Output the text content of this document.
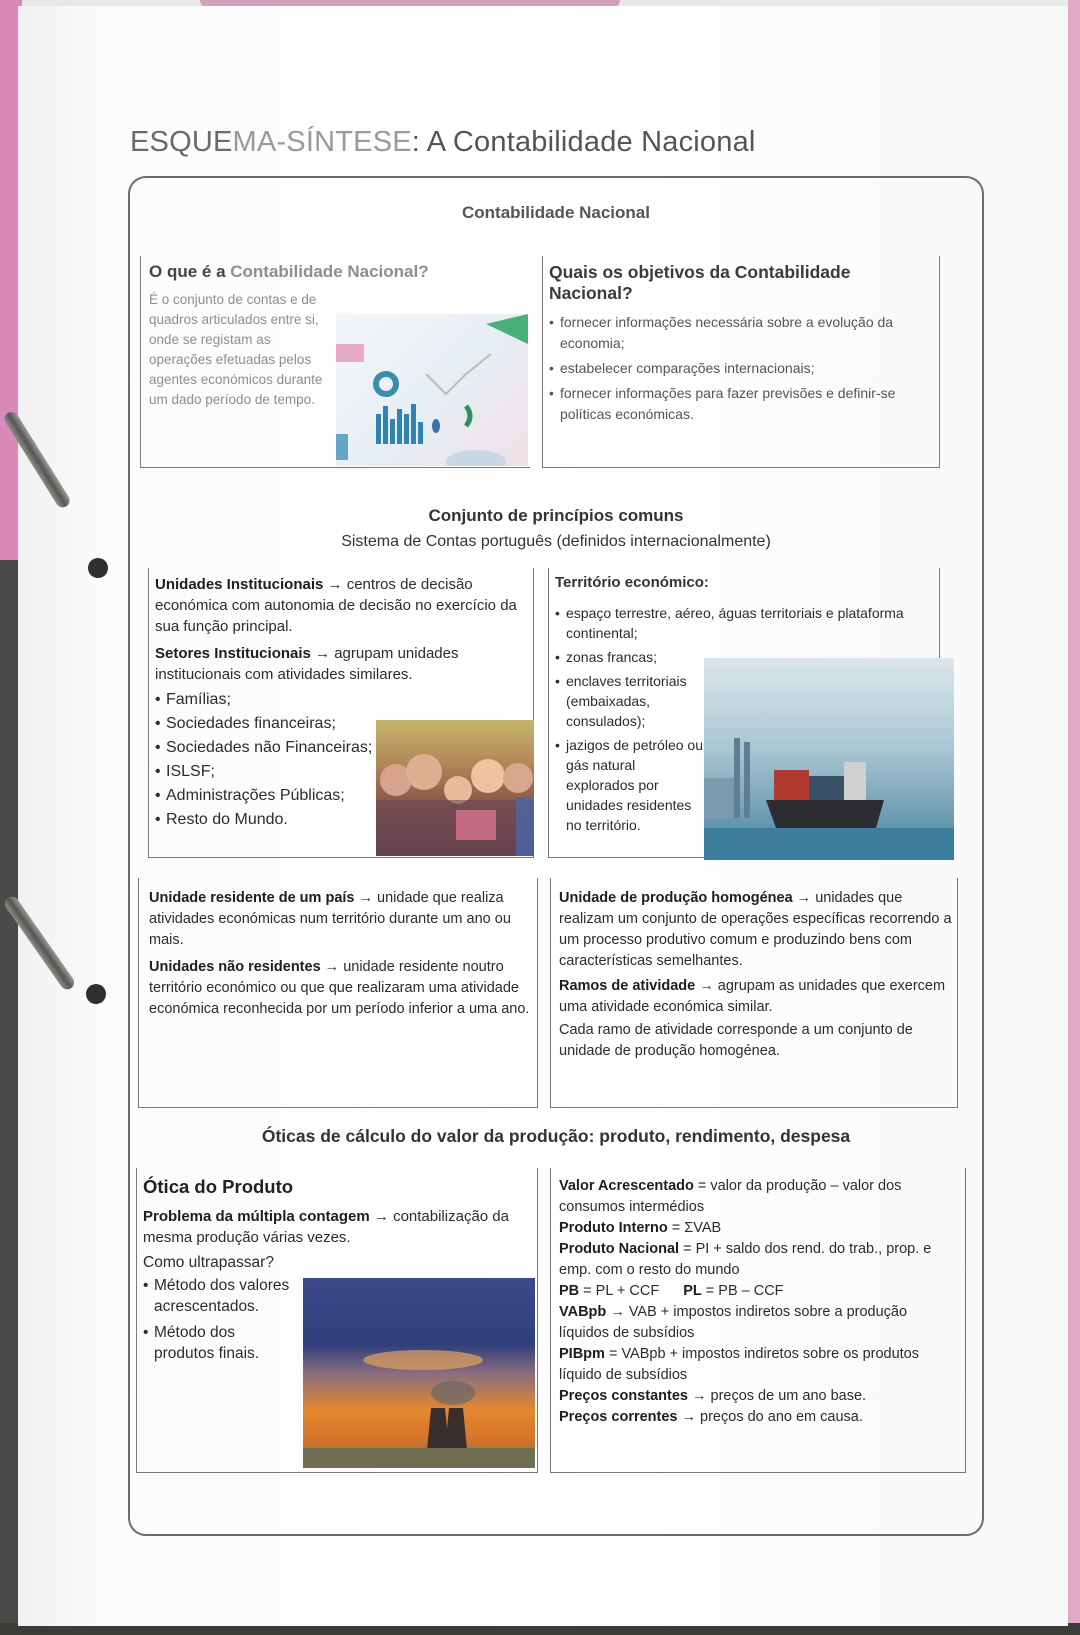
ESQUEMA-SÍNTESE: A Contabilidade Nacional
Contabilidade Nacional
O que é a Contabilidade Nacional?

É o conjunto de contas e de quadros articulados entre si, onde se registam as operações efetuadas pelos agentes económicos durante um dado período de tempo.

Quais os objetivos da Contabilidade Nacional?
• fornecer informações necessária sobre a evolução da economia;
• estabelecer comparações internacionais;
• fornecer informações para fazer previsões e definir-se políticas económicas.
Conjunto de princípios comuns
Sistema de Contas português (definidos internacionalmente)

Unidades Institucionais → centros de decisão económica com autonomia de decisão no exercício da sua função principal.

Setores Institucionais → agrupam unidades institucionais com atividades similares.

• Famílias;
• Sociedades financeiras;
• Sociedades não Financeiras;
• ISLSF;
• Administrações Públicas;
• Resto do Mundo.
Território económico:
• espaço terrestre, aéreo, águas territoriais e plataforma continental;
• zonas francas;
• enclaves territoriais (embaixadas, consulados);
• jazigos de petróleo ou gás natural explorados por unidades residentes no território.

Unidade residente de um país → unidade que realiza atividades económicas num território durante um ano ou mais.

Unidades não residentes → unidade residente noutro território económico ou que que realizaram uma atividade económica reconhecida por um período inferior a uma ano.

Unidade de produção homogénea → unidades que realizam um conjunto de operações específicas recorrendo a um processo produtivo comum e produzindo bens com características semelhantes.

Ramos de atividade → agrupam as unidades que exercem uma atividade económica similar.

Cada ramo de atividade corresponde a um conjunto de unidade de produção homogénea.

Óticas de cálculo do valor da produção: produto, rendimento, despesa
Ótica do Produto

Problema da múltipla contagem → contabilização da mesma produção várias vezes.

Como ultrapassar?

• Método dos valores acrescentados.
• Método dos produtos finais.

Valor Acrescentado = valor da produção – valor dos consumos intermédios

Produto Interno = ΣVAB

Produto Nacional = PI + saldo dos rend. do trab., prop. e emp. com o resto do mundo

PB = PL + CCF PL = PB – CCF

VABpb → VAB + impostos indiretos sobre a produção líquidos de subsídios

PIBpm = VABpb + impostos indiretos sobre os produtos líquido de subsídios

Preços constantes → preços de um ano base.

Preços correntes → preços do ano em causa.
